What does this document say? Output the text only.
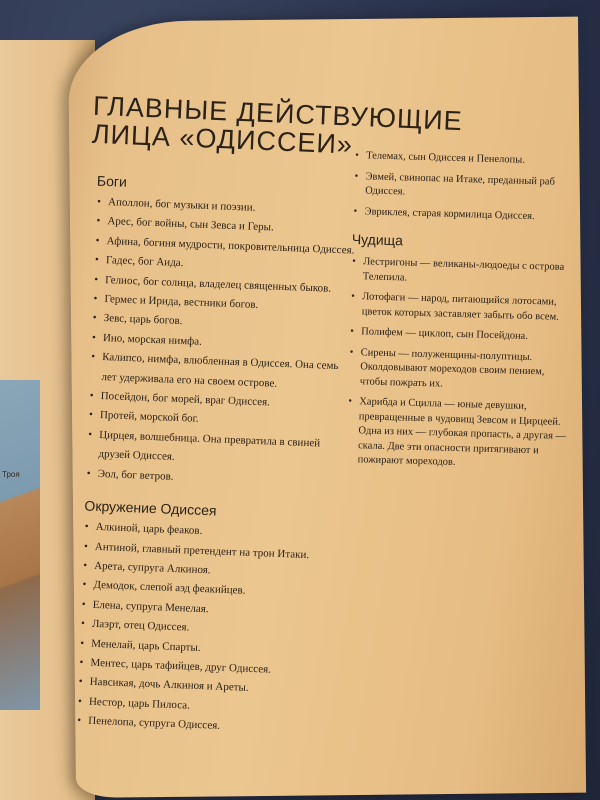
Троя
ГЛАВНЫЕ ДЕЙСТВУЮЩИЕ ЛИЦА «ОДИССЕИ»
Боги
• Аполлон, бог музыки и поэзии.
• Арес, бог войны, сын Зевса и Геры.
• Афина, богиня мудрости, покровительница Одиссея.
• Гадес, бог Аида.
• Гелиос, бог солнца, владелец священных быков.
• Гермес и Ирида, вестники богов.
• Зевс, царь богов.
• Ино, морская нимфа.
• Калипсо, нимфа, влюбленная в Одиссея. Она семь лет удерживала его на своем острове.
• Посейдон, бог морей, враг Одиссея.
• Протей, морской бог.
• Цирцея, волшебница. Она превратила в свиней друзей Одиссея.
• Эол, бог ветров.
Окружение Одиссея
• Алкиной, царь феаков.
• Антиной, главный претендент на трон Итаки.
• Арета, супруга Алкиноя.
• Демодок, слепой аэд феакийцев.
• Елена, супруга Менелая.
• Лаэрт, отец Одиссея.
• Менелай, царь Спарты.
• Ментес, царь тафийцев, друг Одиссея.
• Навсикая, дочь Алкиноя и Ареты.
• Нестор, царь Пилоса.
• Пенелопа, супруга Одиссея.
• Телемах, сын Одиссея и Пенелопы.
• Эвмей, свинопас на Итаке, преданный раб Одиссея.
• Эвриклея, старая кормилица Одиссея.
Чудища
• Лестригоны — великаны-людоеды с острова Телепила.
• Лотофаги — народ, питающийся лотосами, цветок которых заставляет забыть обо всем.
• Полифем — циклоп, сын Посейдона.
• Сирены — полуженщины-полуптицы. Околдовывают мореходов своим пением, чтобы пожрать их.
• Харибда и Сцилла — юные девушки, превращенные в чудовищ Зевсом и Цирцеей. Одна из них — глубокая пропасть, а другая — скала. Две эти опасности притягивают и пожирают мореходов.
